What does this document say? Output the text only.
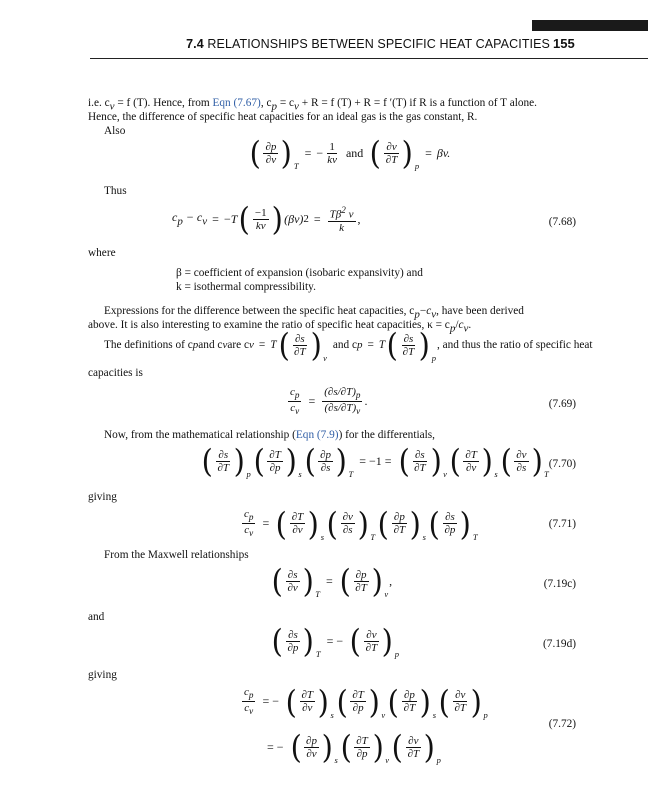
7.4 RELATIONSHIPS BETWEEN SPECIFIC HEAT CAPACITIES 155
i.e. $c_v = f$ (T). Hence, from Eqn (7.67), $c_p = c_v + R = f$ (T) + R = f ′(T) if R is a function of T alone.
Hence, the difference of specific heat capacities for an ideal gas is the gas constant, R.
Also
( ∂p
∂v ) T
= − $\frac{1}{kv}$ and ( ∂v
∂T ) p
= βv.
Thus
$c_p - c_v$ = − T ( −1
kv ) (βv) $2 = \frac{T\beta^2 v}{k}$ ,	(7.68)
where
β = coefficient of expansion (isobaric expansivity) and
k = isothermal compressibility.
Expressions for the difference between the specific heat capacities, $c_p-c_v$, have been derived
above. It is also interesting to examine the ratio of specific heat capacities, $\kappa = c_p/c_v$.
The definitions of c p and c v are c v = T ( ∂s
∂T ) v
and c p = T ( ∂s
∂T ) p
, and thus the ratio of specific heat
capacities is
$\frac{c_p}{c_v} = \frac{(\partial s/\partial T)_p}{(\partial s/\partial T)_v}$ .	(7.69)
Now, from the mathematical relationship (Eqn (7.9)) for the differentials,
( ∂s
∂T ) p ( ∂T
∂p ) s ( ∂p
∂s ) T
= −1 = ( ∂s
∂T ) v ( ∂T
∂v ) s ( ∂v
∂s ) T
(7.70)
giving
$\frac{c_p}{c_v}$ = ( ∂T
∂v ) s ( ∂v
∂s ) T ( ∂p
∂T ) s ( ∂s
∂p ) T
(7.71)
From the Maxwell relationships
( ∂s
∂v ) T
= ( ∂p
∂T ) v
,	(7.19c)
and
( ∂s
∂p ) T
= − ( ∂v
∂T ) p
(7.19d)
giving
$\frac{c_p}{c_v}$ = − ( ∂T
∂v ) s ( ∂T
∂p ) v ( ∂p
∂T ) s ( ∂v
∂T ) p
(7.72)
= − ( ∂p
∂v ) s ( ∂T
∂p ) v ( ∂v
∂T ) p
